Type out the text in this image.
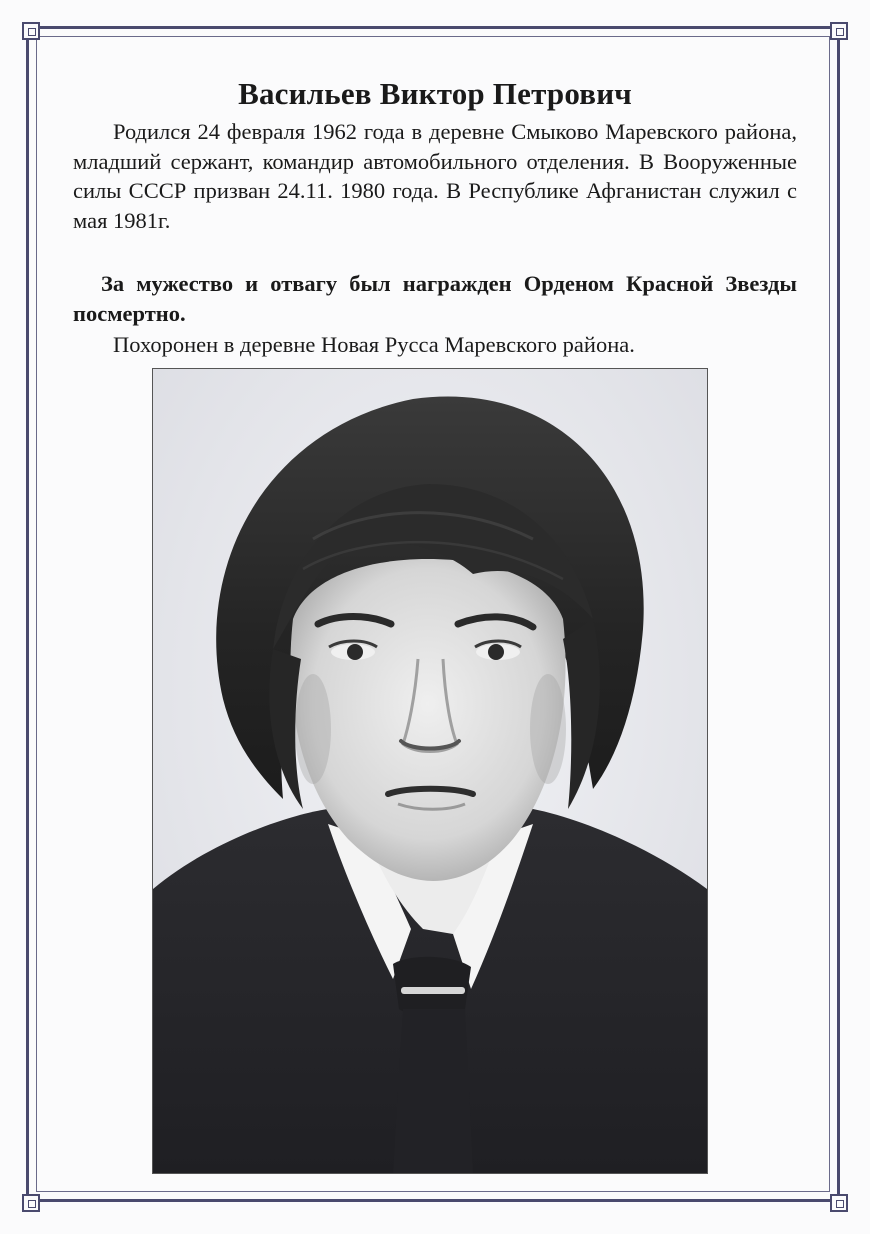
Васильев Виктор Петрович

Родился 24 февраля 1962 года в деревне Смыково Маревского района, младший сержант, командир автомобильного отделения. В Вооруженные силы СССР призван 24.11. 1980 года. В Республике Афганистан служил с мая 1981г.

За мужество и отвагу был награжден Орденом Красной Звезды посмертно.

Похоронен в деревне Новая Русса Маревского района.
